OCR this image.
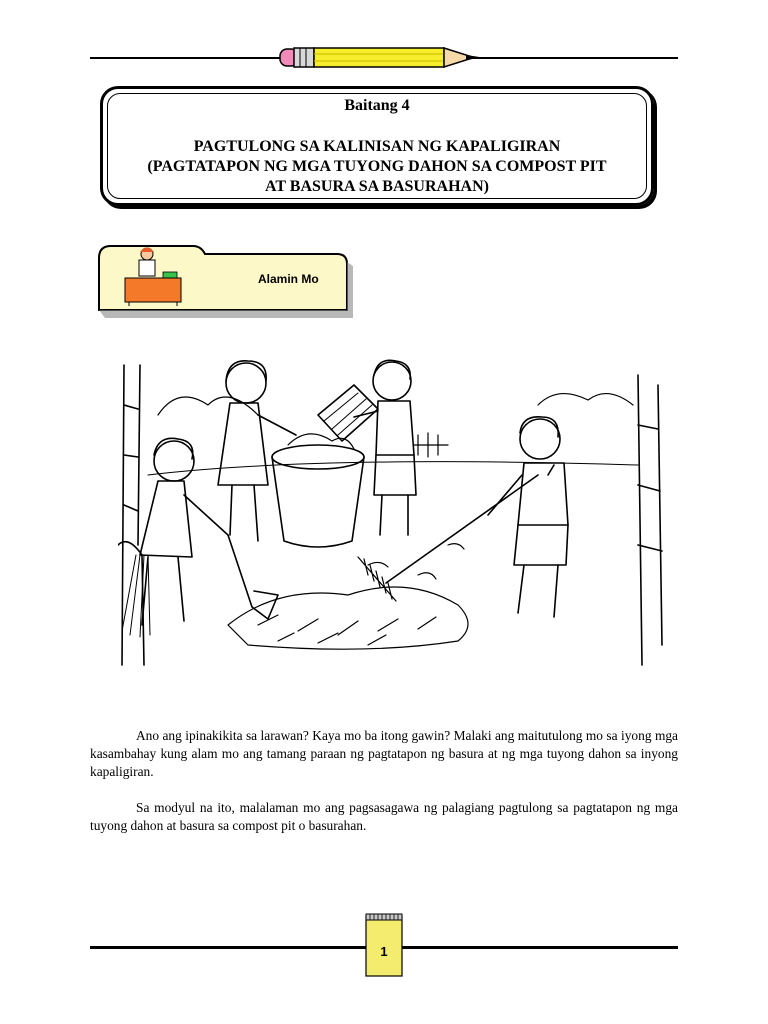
Baitang 4
PAGTULONG SA KALINISAN NG KAPALIGIRAN
(PAGTATAPON NG MGA TUYONG DAHON SA COMPOST PIT
AT BASURA SA BASURAHAN)
Alamin Mo
Ano ang ipinakikita sa larawan? Kaya mo ba itong gawin? Malaki ang maitutulong mo sa iyong mga kasambahay kung alam mo ang tamang paraan ng pagtatapon ng basura at ng mga tuyong dahon sa inyong kapaligiran.
Sa modyul na ito, malalaman mo ang pagsasagawa ng palagiang pagtulong sa pagtatapon ng mga tuyong dahon at basura sa compost pit o basurahan.
1
